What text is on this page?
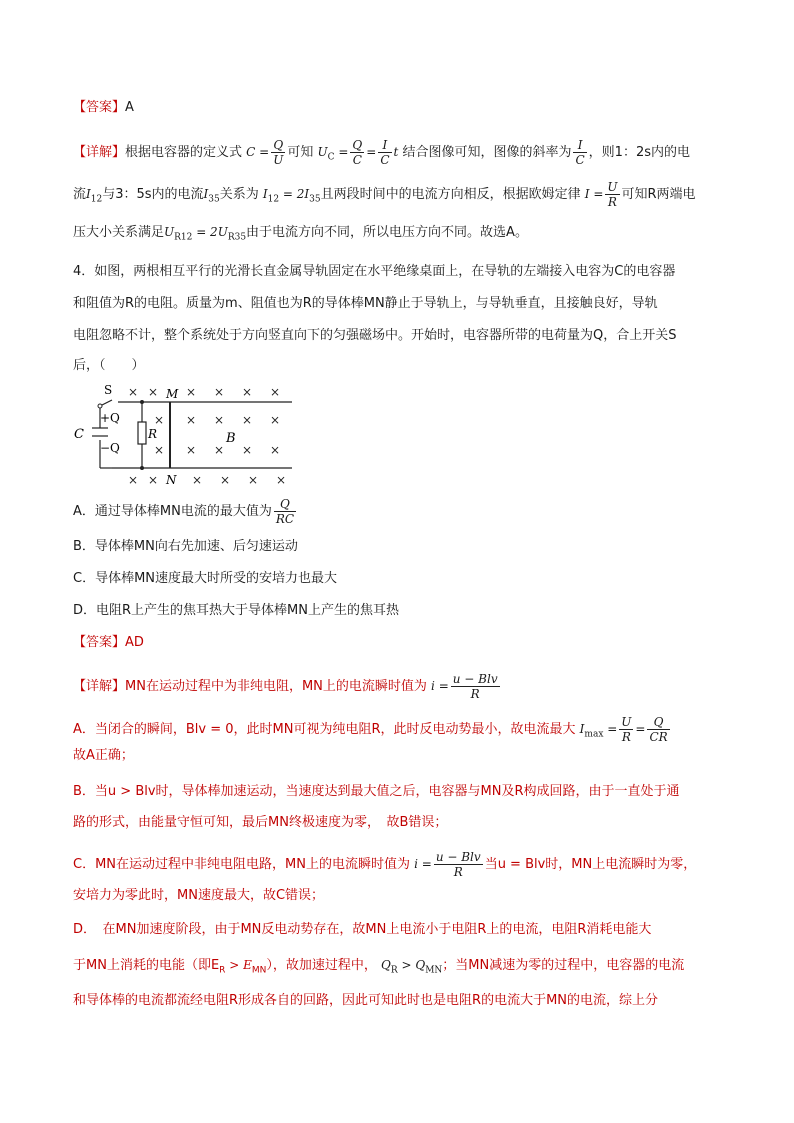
【答案】A
【详解】根据电容器的定义式 $C = \frac{Q}{U}$ 可知 $U_C = \frac{Q}{C} = \frac{I}{C}$ t 结合图像可知，图像的斜率为 $\frac{I}{C}$ ，则1：2s内的电
流$I_{12}$与3：5s内的电流$I_{35}$关系为 $I_{12} = 2I_{35}$且两段时间中的电流方向相反，根据欧姆定律 $I = \frac{U}{R}$ 可知R两端电
压大小关系满足$U_{R12} = 2U_{R35}$由于电流方向不同，所以电压方向不同。故选A。
4．如图，两根相互平行的光滑长直金属导轨固定在水平绝缘桌面上，在导轨的左端接入电容为C的电容器
和阻值为R的电阻。质量为m、阻值也为R的导体棒MN静止于导轨上，与导轨垂直，且接触良好，导轨
电阻忽略不计，整个系统处于方向竖直向下的匀强磁场中。开始时，电容器所带的电荷量为Q，合上开关S
后，（　　）
S	M
N
C
+Q
−Q
R	B
× × × × × ×
× × × × ×
× × × × ×
× ×	× × × ×
A．通过导体棒MN电流的最大值为 $\frac{Q}{RC}$
B．导体棒MN向右先加速、后匀速运动
C．导体棒MN速度最大时所受的安培力也最大
D．电阻R上产生的焦耳热大于导体棒MN上产生的焦耳热
【答案】AD
【详解】MN在运动过程中为非纯电阻，MN上的电流瞬时值为 $i = \frac{\text{u − Blv}}{R}$
A．当闭合的瞬间，Blv = 0，此时MN可视为纯电阻R，此时反电动势最小，故电流最大 $I_{max} = \frac{U}{R} = \frac{Q}{CR}$
故A正确；
B．当u > Blv时，导体棒加速运动，当速度达到最大值之后，电容器与MN及R构成回路，由于一直处于通
路的形式，由能量守恒可知，最后MN终极速度为零，　故B错误；
C．MN在运动过程中非纯电阻电路，MN上的电流瞬时值为 $i = \frac{\text{u − Blv}}{R}$ 当u = Blv时，MN上电流瞬时为零，
安培力为零此时，MN速度最大，故C错误；
D．　在MN加速度阶段，由于MN反电动势存在，故MN上电流小于电阻R上的电流，电阻R消耗电能大
于MN上消耗的电能（即$E_R > E_{MN}$），故加速过程中， $Q_R > Q_{MN}$；当MN减速为零的过程中，电容器的电流
和导体棒的电流都流经电阻R形成各自的回路，因此可知此时也是电阻R的电流大于MN的电流，综上分
